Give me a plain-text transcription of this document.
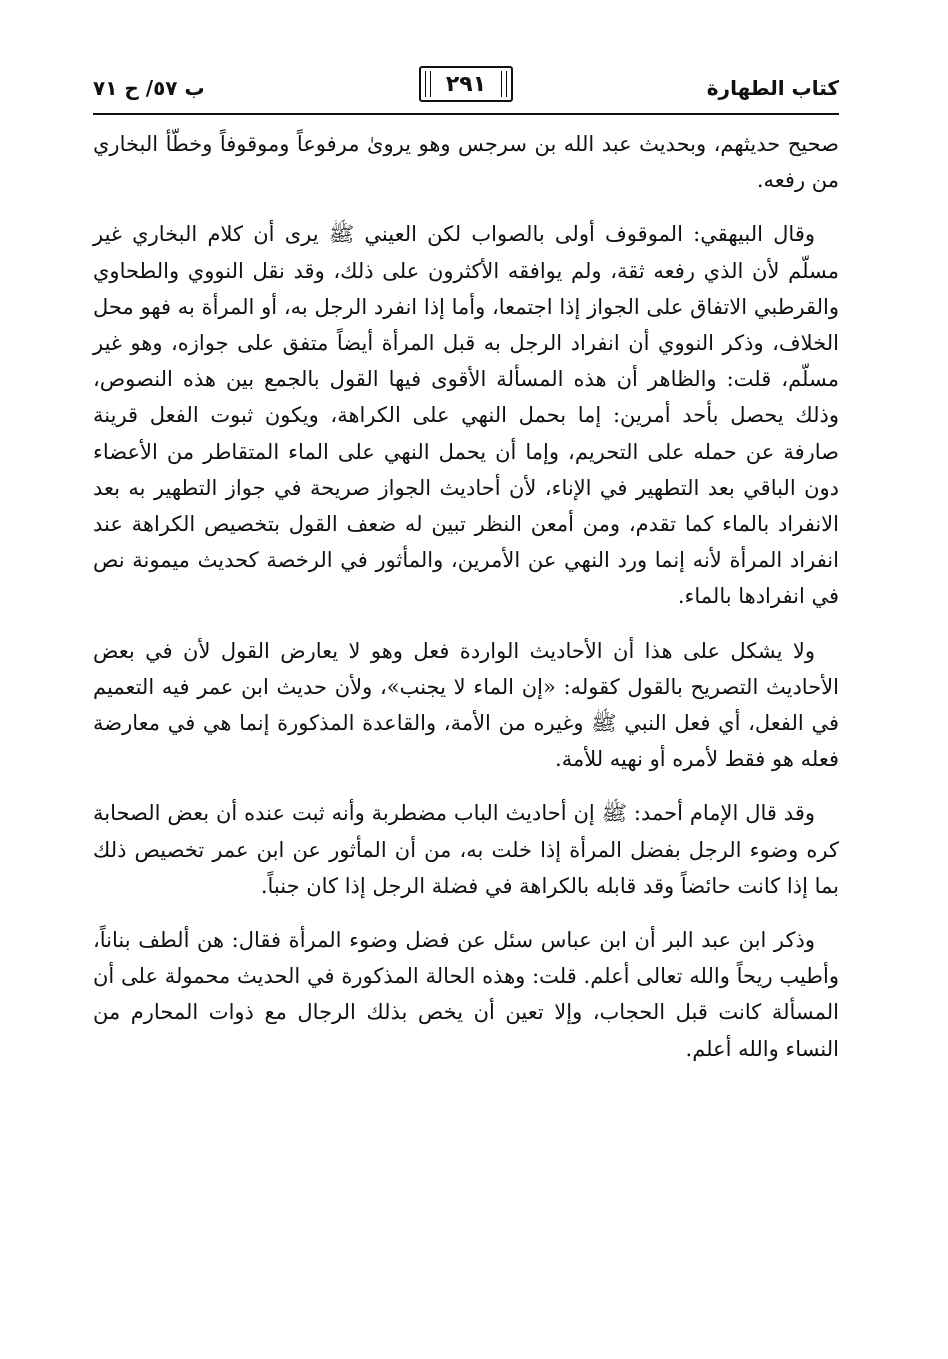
كتاب الطهارة
٢٩١
ب ٥٧/ ح ٧١

صحيح حديثهم، وبحديث عبد الله بن سرجس وهو يروىٰ مرفوعاً وموقوفاً وخطّأ البخاري من رفعه.

وقال البيهقي: الموقوف أولى بالصواب لكن العيني ﷺ يرى أن كلام البخاري غير مسلّم لأن الذي رفعه ثقة، ولم يوافقه الأكثرون على ذلك، وقد نقل النووي والطحاوي والقرطبي الاتفاق على الجواز إذا اجتمعا، وأما إذا انفرد الرجل به، أو المرأة به فهو محل الخلاف، وذكر النووي أن انفراد الرجل به قبل المرأة أيضاً متفق على جوازه، وهو غير مسلّم، قلت: والظاهر أن هذه المسألة الأقوى فيها القول بالجمع بين هذه النصوص، وذلك يحصل بأحد أمرين: إما بحمل النهي على الكراهة، ويكون ثبوت الفعل قرينة صارفة عن حمله على التحريم، وإما أن يحمل النهي على الماء المتقاطر من الأعضاء دون الباقي بعد التطهير في الإناء، لأن أحاديث الجواز صريحة في جواز التطهير به بعد الانفراد بالماء كما تقدم، ومن أمعن النظر تبين له ضعف القول بتخصيص الكراهة عند انفراد المرأة لأنه إنما ورد النهي عن الأمرين، والمأثور في الرخصة كحديث ميمونة نص في انفرادها بالماء.

ولا يشكل على هذا أن الأحاديث الواردة فعل وهو لا يعارض القول لأن في بعض الأحاديث التصريح بالقول كقوله: «إن الماء لا يجنب»، ولأن حديث ابن عمر فيه التعميم في الفعل، أي فعل النبي ﷺ وغيره من الأمة، والقاعدة المذكورة إنما هي في معارضة فعله هو فقط لأمره أو نهيه للأمة.

وقد قال الإمام أحمد: ﷺ إن أحاديث الباب مضطربة وأنه ثبت عنده أن بعض الصحابة كره وضوء الرجل بفضل المرأة إذا خلت به، من أن المأثور عن ابن عمر تخصيص ذلك بما إذا كانت حائضاً وقد قابله بالكراهة في فضلة الرجل إذا كان جنباً.

وذكر ابن عبد البر أن ابن عباس سئل عن فضل وضوء المرأة فقال: هن ألطف بناناً، وأطيب ريحاً والله تعالى أعلم. قلت: وهذه الحالة المذكورة في الحديث محمولة على أن المسألة كانت قبل الحجاب، وإلا تعين أن يخص بذلك الرجال مع ذوات المحارم من النساء والله أعلم.
